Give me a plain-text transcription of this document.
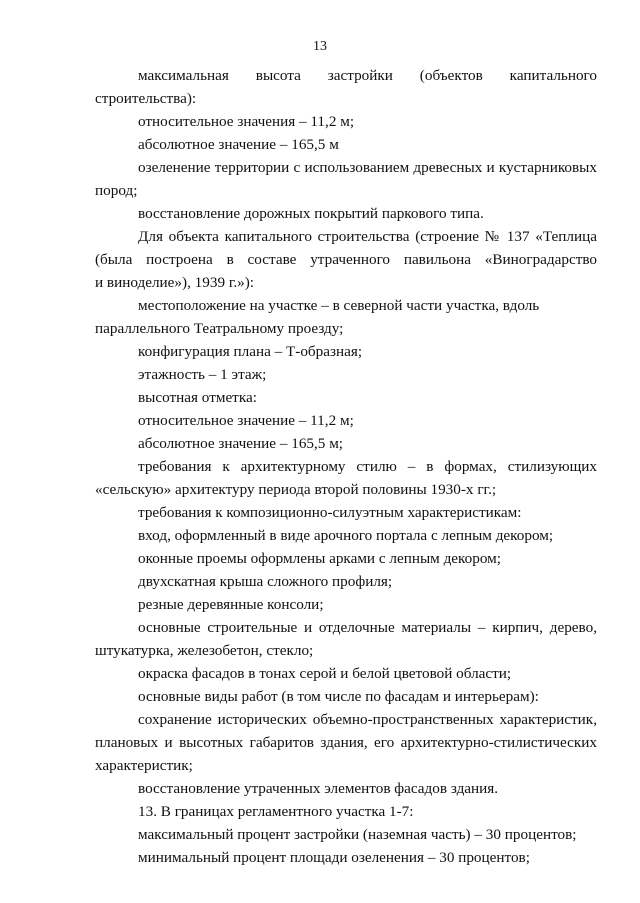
13
максимальная высота застройки (объектов капитального
строительства):
относительное значения – 11,2 м;
абсолютное значение – 165,5 м
озеленение территории с использованием древесных и кустарниковых
пород;
восстановление дорожных покрытий паркового типа.
Для объекта капитального строительства (строение № 137 «Теплица
(была построена в составе утраченного павильона «Виноградарство
и виноделие»), 1939 г.»):
местоположение на участке – в северной части участка, вдоль
параллельного Театральному проезду;
конфигурация плана – Т-образная;
этажность – 1 этаж;
высотная отметка:
относительное значение – 11,2 м;
абсолютное значение – 165,5 м;
требования к архитектурному стилю – в формах, стилизующих
«сельскую» архитектуру периода второй половины 1930-х гг.;
требования к композиционно-силуэтным характеристикам:
вход, оформленный в виде арочного портала с лепным декором;
оконные проемы оформлены арками с лепным декором;
двухскатная крыша сложного профиля;
резные деревянные консоли;
основные строительные и отделочные материалы – кирпич, дерево,
штукатурка, железобетон, стекло;
окраска фасадов в тонах серой и белой цветовой области;
основные виды работ (в том числе по фасадам и интерьерам):
сохранение исторических объемно-пространственных характеристик,
плановых и высотных габаритов здания, его архитектурно-стилистических
характеристик;
восстановление утраченных элементов фасадов здания.
13. В границах регламентного участка 1-7:
максимальный процент застройки (наземная часть) – 30 процентов;
минимальный процент площади озеленения – 30 процентов;
